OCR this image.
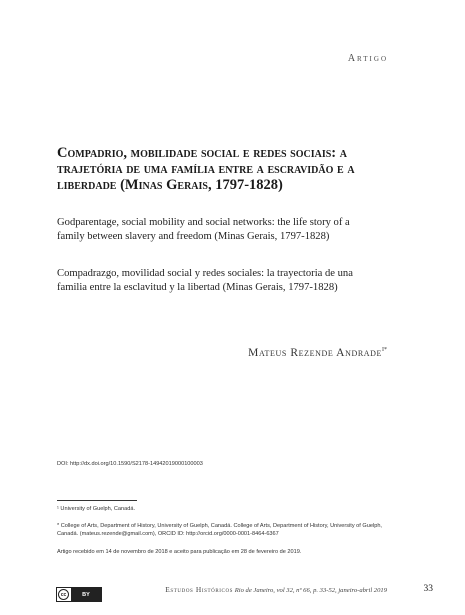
Artigo
Compadrio, mobilidade social e redes sociais: a trajetória de uma família entre a escravidão e a liberdade (Minas Gerais, 1797-1828)

Godparentage, social mobility and social networks: the life story of a family between slavery and freedom (Minas Gerais, 1797-1828)

Compadrazgo, movilidad social y redes sociales: la trayectoria de una familia entre la esclavitud y la libertad (Minas Gerais, 1797-1828)

Mateus Rezende Andrade$^{I*}$
DOI: http://dx.doi.org/10.1590/S2178-14942019000100003

¹ University of Guelph, Canadá.

* College of Arts, Department of History, University of Guelph, Canadá. College of Arts, Department of History, University of Guelph, Canadá. (mateus.rezende@gmail.com), ORCID ID: http://orcid.org/0000-0001-8464-6367

Artigo recebido em 14 de novembro de 2018 e aceito para publicação em 28 de fevereiro de 2019.

cc	BY
Estudos Históricos Rio de Janeiro, vol 32, nº 66, p. 33-52, janeiro-abril 2019	33
